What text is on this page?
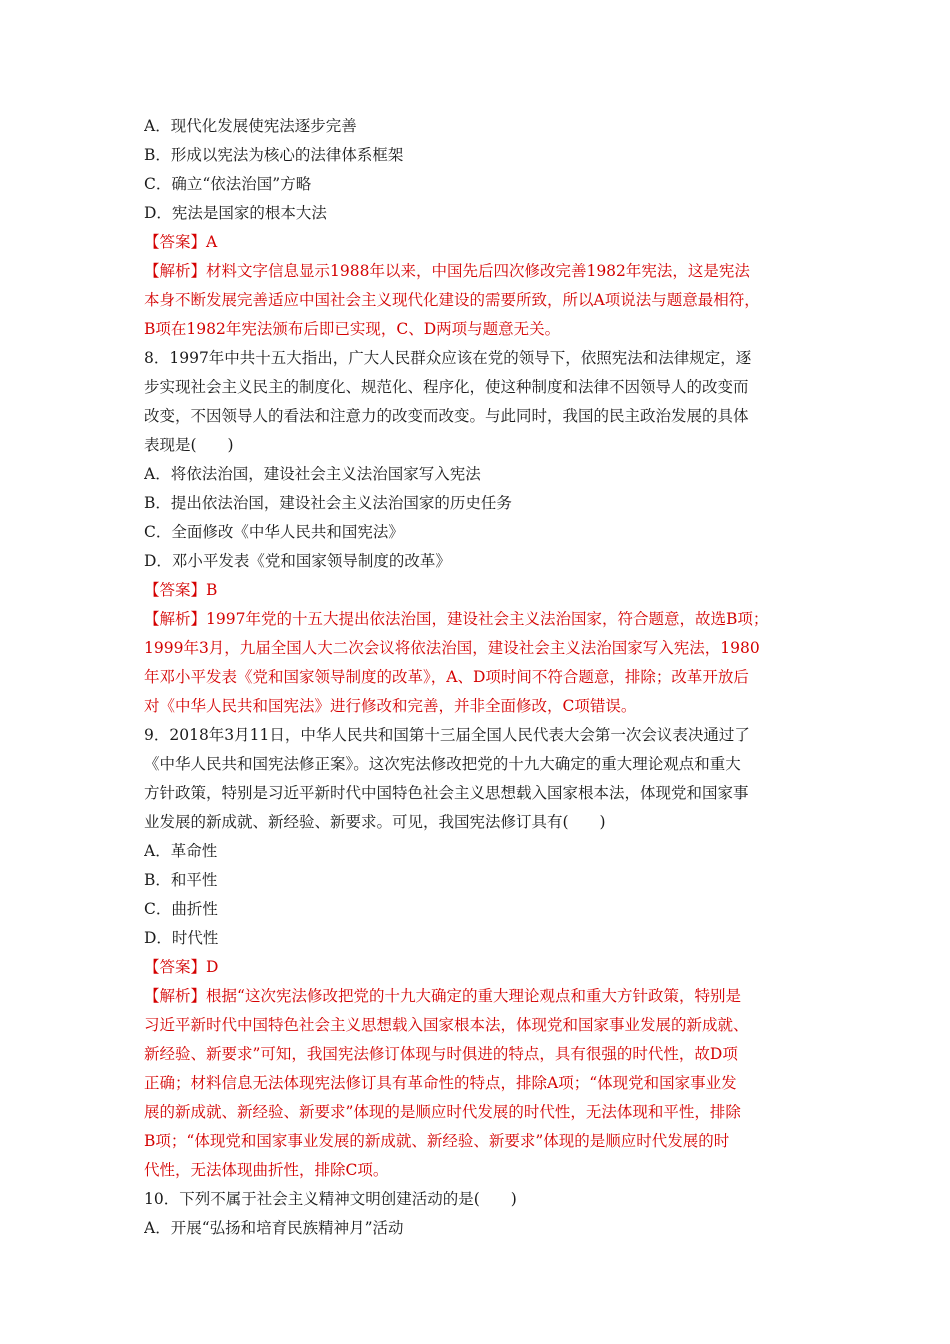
A．现代化发展使宪法逐步完善
B．形成以宪法为核心的法律体系框架
C．确立“依法治国”方略
D．宪法是国家的根本大法
【答案】A
【解析】材料文字信息显示1988年以来，中国先后四次修改完善1982年宪法，这是宪法
本身不断发展完善适应中国社会主义现代化建设的需要所致，所以A项说法与题意最相符，
B项在1982年宪法颁布后即已实现，C、D两项与题意无关。
8．1997年中共十五大指出，广大人民群众应该在党的领导下，依照宪法和法律规定，逐
步实现社会主义民主的制度化、规范化、程序化，使这种制度和法律不因领导人的改变而
改变，不因领导人的看法和注意力的改变而改变。与此同时，我国的民主政治发展的具体
表现是(　　)
A．将依法治国，建设社会主义法治国家写入宪法
B．提出依法治国，建设社会主义法治国家的历史任务
C．全面修改《中华人民共和国宪法》
D．邓小平发表《党和国家领导制度的改革》
【答案】B
【解析】1997年党的十五大提出依法治国，建设社会主义法治国家，符合题意，故选B项；
1999年3月，九届全国人大二次会议将依法治国，建设社会主义法治国家写入宪法，1980
年邓小平发表《党和国家领导制度的改革》，A、D项时间不符合题意，排除；改革开放后
对《中华人民共和国宪法》进行修改和完善，并非全面修改，C项错误。
9．2018年3月11日，中华人民共和国第十三届全国人民代表大会第一次会议表决通过了
《中华人民共和国宪法修正案》。这次宪法修改把党的十九大确定的重大理论观点和重大
方针政策，特别是习近平新时代中国特色社会主义思想载入国家根本法，体现党和国家事
业发展的新成就、新经验、新要求。可见，我国宪法修订具有(　　)
A．革命性
B．和平性
C．曲折性
D．时代性
【答案】D
【解析】根据“这次宪法修改把党的十九大确定的重大理论观点和重大方针政策，特别是
习近平新时代中国特色社会主义思想载入国家根本法，体现党和国家事业发展的新成就、
新经验、新要求”可知，我国宪法修订体现与时俱进的特点，具有很强的时代性，故D项
正确；材料信息无法体现宪法修订具有革命性的特点，排除A项；“体现党和国家事业发
展的新成就、新经验、新要求”体现的是顺应时代发展的时代性，无法体现和平性，排除
B项；“体现党和国家事业发展的新成就、新经验、新要求”体现的是顺应时代发展的时
代性，无法体现曲折性，排除C项。
10．下列不属于社会主义精神文明创建活动的是(　　)
A．开展“弘扬和培育民族精神月”活动
